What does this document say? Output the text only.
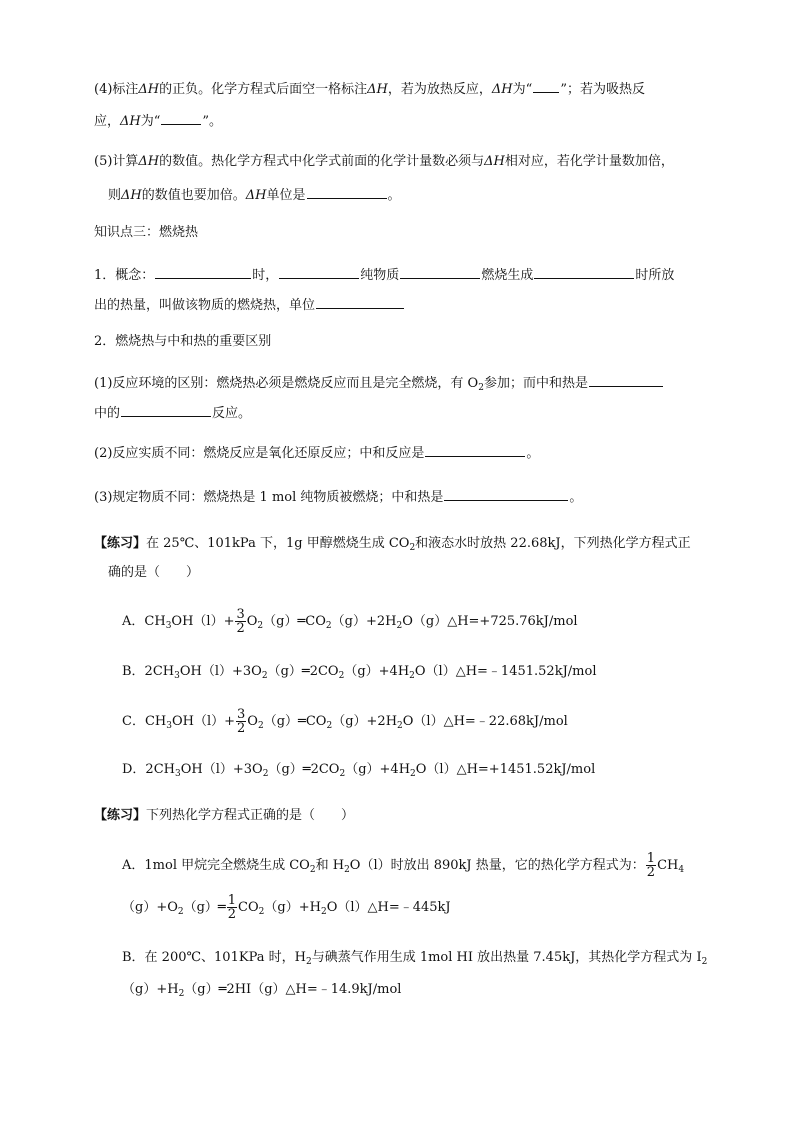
(4)标注ΔH的正负。化学方程式后面空一格标注ΔH，若为放热反应，ΔH为“ ”；若为吸热反
应，ΔH为“	”。
(5)计算ΔH的数值。热化学方程式中化学式前面的化学计量数必须与ΔH相对应，若化学计量数加倍，
则ΔH的数值也要加倍。ΔH单位是	。
知识点三：燃烧热
1．概念：	时，	纯物质	燃烧生成	时所放
出的热量，叫做该物质的燃烧热，单位
2．燃烧热与中和热的重要区别
(1)反应环境的区别：燃烧热必须是燃烧反应而且是完全燃烧，有 $O_2$参加；而中和热是
中的	反应。
(2)反应实质不同：燃烧反应是氧化还原反应；中和反应是	。
(3)规定物质不同：燃烧热是 1 mol 纯物质被燃烧；中和热是	。
【练习】在 25℃、101kPa 下，1g 甲醇燃烧生成 $CO_2$和液态水时放热 22.68kJ，下列热化学方程式正
确的是（　　）
A．$CH_3OH(l)+ \frac{3}{2}$ $O_2(g)═CO_2(g)+2H_2O(g)\triangle H=+725.76kJ$/mol
B．$2CH_3OH(l)+3O_2(g)═2CO_2(g)+4H_2O(l)\triangle H=﹣1451.52kJ$/mol
C．$CH_3OH(l)+ \frac{3}{2}$ $O_2(g)═CO_2(g)+2H_2O(l)\triangle H=﹣22.68kJ$/mol
D．$2CH_3OH(l)+3O_2(g)═2CO_2(g)+4H_2O(l)\triangle H=+1451.52kJ$/mol
【练习】下列热化学方程式正确的是（　　）
A．1mol 甲烷完全燃烧生成 $CO_2$和 $H_2O(l)$时放出 890kJ 热量，它的热化学方程式为： $\frac{1}{2} CH_4$
$(g)+O_2(g)═ \frac{1}{2}$ $CO_2(g)+H_2O(l)\triangle H=﹣445kJ$
B．在 200℃、101KPa 时，$H_2$与碘蒸气作用生成 1mol HI 放出热量 7.45kJ，其热化学方程式为 $I_2$
$(g)+H_2(g)═2HI(g)\triangle H=﹣14.9kJ$/mol
